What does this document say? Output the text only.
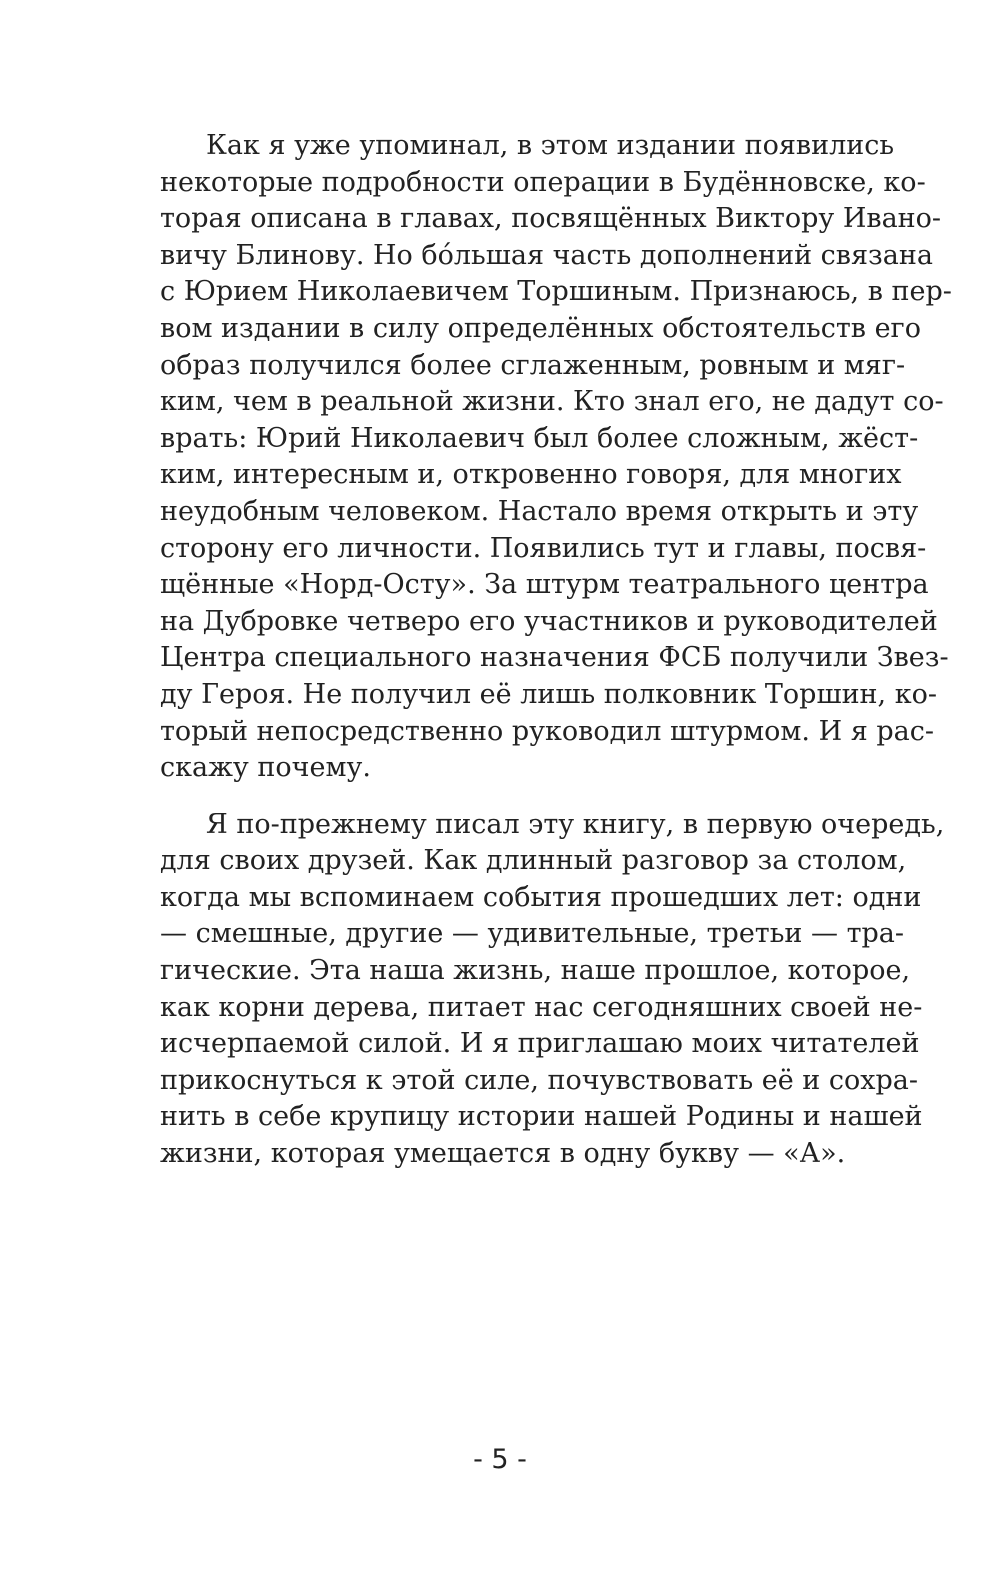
Как я уже упоминал, в этом издании появились
некоторые подробности операции в Будённовске, ко-
торая описана в главах, посвящённых Виктору Ивано-
вичу Блинову. Но бóльшая часть дополнений связана
с Юрием Николаевичем Торшиным. Признаюсь, в пер-
вом издании в силу определённых обстоятельств его
образ получился более сглаженным, ровным и мяг-
ким, чем в реальной жизни. Кто знал его, не дадут со-
врать: Юрий Николаевич был более сложным, жёст-
ким, интересным и, откровенно говоря, для многих
неудобным человеком. Настало время открыть и эту
сторону его личности. Появились тут и главы, посвя-
щённые «Норд-Осту». За штурм театрального центра
на Дубровке четверо его участников и руководителей
Центра специального назначения ФСБ получили Звез-
ду Героя. Не получил её лишь полковник Торшин, ко-
торый непосредственно руководил штурмом. И я рас-
скажу почему.
Я по-прежнему писал эту книгу, в первую очередь,
для своих друзей. Как длинный разговор за столом,
когда мы вспоминаем события прошедших лет: одни
— смешные, другие — удивительные, третьи — тра-
гические. Эта наша жизнь, наше прошлое, которое,
как корни дерева, питает нас сегодняшних своей не-
исчерпаемой силой. И я приглашаю моих читателей
прикоснуться к этой силе, почувствовать её и сохра-
нить в себе крупицу истории нашей Родины и нашей
жизни, которая умещается в одну букву — «А».
- 5 -
